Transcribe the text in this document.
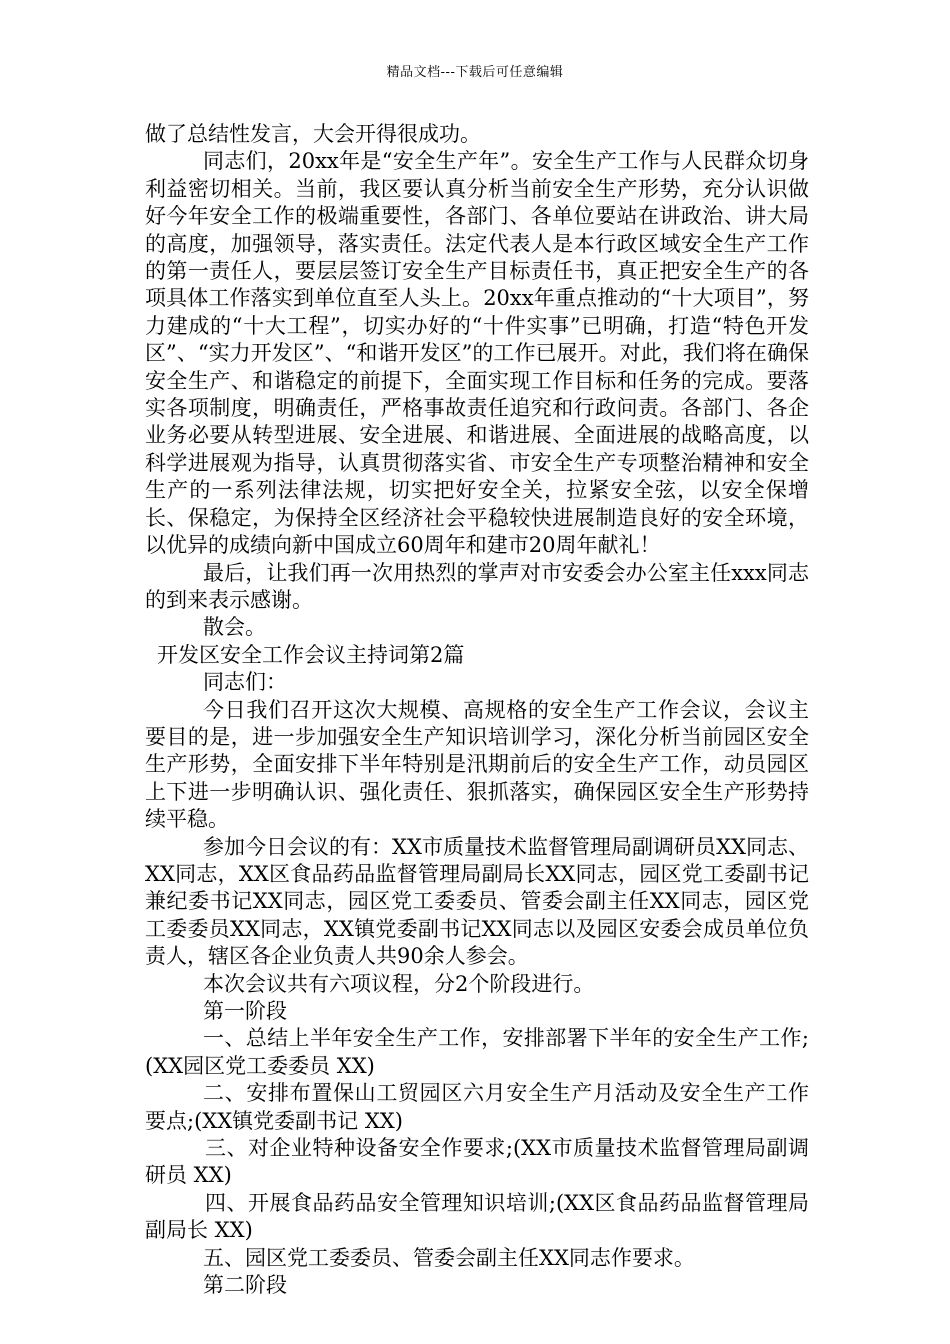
精品文档---下载后可任意编辑

做了总结性发言，大会开得很成功。

同志们，20xx年是“安全生产年”。安全生产工作与人民群众切身利益密切相关。当前，我区要认真分析当前安全生产形势，充分认识做好今年安全工作的极端重要性，各部门、各单位要站在讲政治、讲大局的高度，加强领导，落实责任。法定代表人是本行政区域安全生产工作的第一责任人，要层层签订安全生产目标责任书，真正把安全生产的各项具体工作落实到单位直至人头上。20xx年重点推动的“十大项目”，努力建成的“十大工程”，切实办好的“十件实事”已明确，打造“特色开发区”、“实力开发区”、“和谐开发区”的工作已展开。对此，我们将在确保安全生产、和谐稳定的前提下，全面实现工作目标和任务的完成。要落实各项制度，明确责任，严格事故责任追究和行政问责。各部门、各企业务必要从转型进展、安全进展、和谐进展、全面进展的战略高度，以科学进展观为指导，认真贯彻落实省、市安全生产专项整治精神和安全生产的一系列法律法规，切实把好安全关，拉紧安全弦，以安全保增长、保稳定，为保持全区经济社会平稳较快进展制造良好的安全环境，以优异的成绩向新中国成立60周年和建市20周年献礼！

最后，让我们再一次用热烈的掌声对市安委会办公室主任xxx同志的到来表示感谢。

散会。

开发区安全工作会议主持词第2篇

同志们：

今日我们召开这次大规模、高规格的安全生产工作会议，会议主要目的是，进一步加强安全生产知识培训学习，深化分析当前园区安全生产形势，全面安排下半年特别是汛期前后的安全生产工作，动员园区上下进一步明确认识、强化责任、狠抓落实，确保园区安全生产形势持续平稳。

参加今日会议的有：XX市质量技术监督管理局副调研员XX同志、XX同志，XX区食品药品监督管理局副局长XX同志，园区党工委副书记兼纪委书记XX同志，园区党工委委员、管委会副主任XX同志，园区党工委委员XX同志，XX镇党委副书记XX同志以及园区安委会成员单位负责人，辖区各企业负责人共90余人参会。

本次会议共有六项议程，分2个阶段进行。

第一阶段

一、总结上半年安全生产工作，安排部署下半年的安全生产工作;(XX园区党工委委员 XX)

二、安排布置保山工贸园区六月安全生产月活动及安全生产工作要点;(XX镇党委副书记 XX)

三、对企业特种设备安全作要求;(XX市质量技术监督管理局副调研员 XX)

四、开展食品药品安全管理知识培训;(XX区食品药品监督管理局副局长 XX)

五、园区党工委委员、管委会副主任XX同志作要求。

第二阶段
